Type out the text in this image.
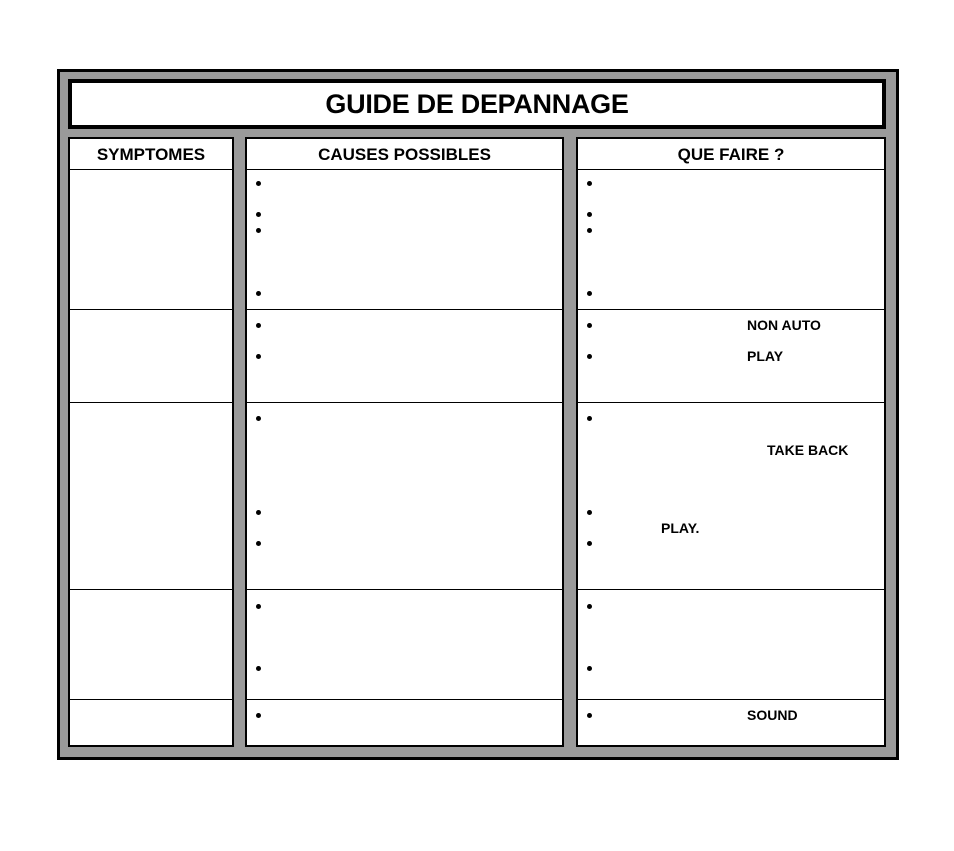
GUIDE DE DEPANNAGE
SYMPTOMES	CAUSES POSSIBLES	QUE FAIRE ?
NON AUTO
PLAY
TAKE BACK
PLAY.
SOUND
